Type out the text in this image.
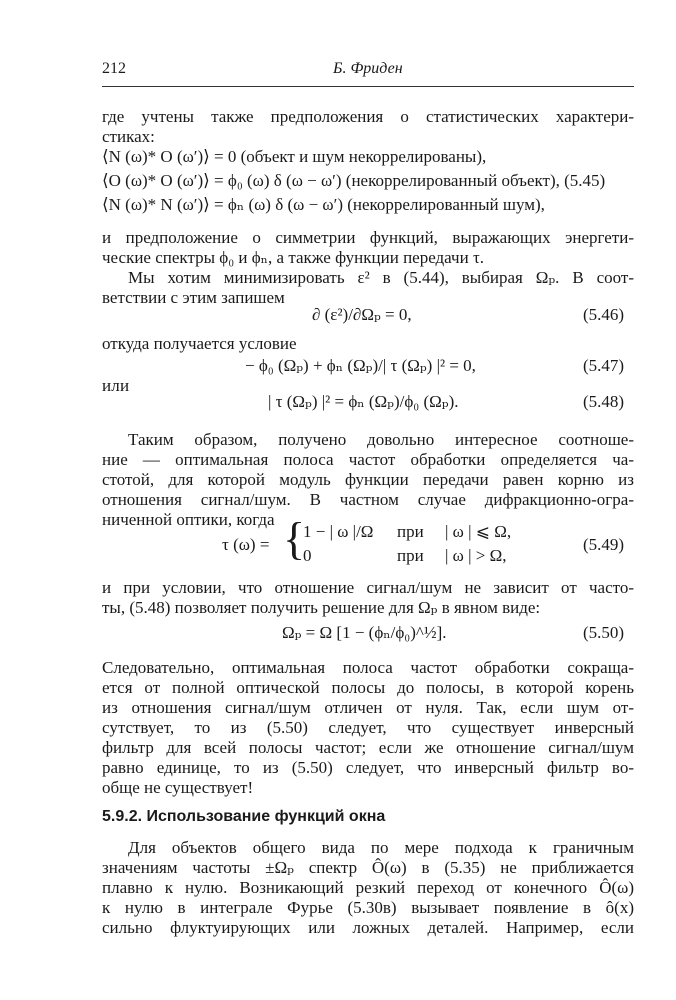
212	Б. Фриден
где учтены также предположения о статистических характери-
стиках:
⟨N (ω)* O (ω′)⟩ = 0 (объект и шум некоррелированы),
⟨O (ω)* O (ω′)⟩ = ϕ₀ (ω) δ (ω − ω′) (некоррелированный объект), (5.45)
⟨N (ω)* N (ω′)⟩ = ϕₙ (ω) δ (ω − ω′) (некоррелированный шум),
и предположение о симметрии функций, выражающих энергети-
ческие спектры ϕ₀ и ϕₙ, а также функции передачи τ.
Мы хотим минимизировать ε² в (5.44), выбирая Ωₚ. В соот-
ветствии с этим запишем
∂ (ε²)/∂Ωₚ = 0,	(5.46)
откуда получается условие
− ϕ₀ (Ωₚ) + ϕₙ (Ωₚ)/| τ (Ωₚ) |² = 0,	(5.47)
или
| τ (Ωₚ) |² = ϕₙ (Ωₚ)/ϕ₀ (Ωₚ).	(5.48)
Таким образом, получено довольно интересное соотноше-
ние — оптимальная полоса частот обработки определяется ча-
стотой, для которой модуль функции передачи равен корню из
отношения сигнал/шум. В частном случае дифракционно-огра-
ниченной оптики, когда
τ (ω) = {
1 − | ω |/Ω при | ω | ⩽ Ω,
0	при | ω | > Ω,
(5.49)
и при условии, что отношение сигнал/шум не зависит от часто-
ты, (5.48) позволяет получить решение для Ωₚ в явном виде:
Ωₚ = Ω [1 − (ϕₙ/ϕ₀)^½].	(5.50)
Следовательно, оптимальная полоса частот обработки сокраща-
ется от полной оптической полосы до полосы, в которой корень
из отношения сигнал/шум отличен от нуля. Так, если шум от-
сутствует, то из (5.50) следует, что существует инверсный
фильтр для всей полосы частот; если же отношение сигнал/шум
равно единице, то из (5.50) следует, что инверсный фильтр во-
обще не существует!
5.9.2. Использование функций окна
Для объектов общего вида по мере подхода к граничным
значениям частоты ±Ωₚ спектр Ô(ω) в (5.35) не приближается
плавно к нулю. Возникающий резкий переход от конечного Ô(ω)
к нулю в интеграле Фурье (5.30в) вызывает появление в ô(x)
сильно флуктуирующих или ложных деталей. Например, если
